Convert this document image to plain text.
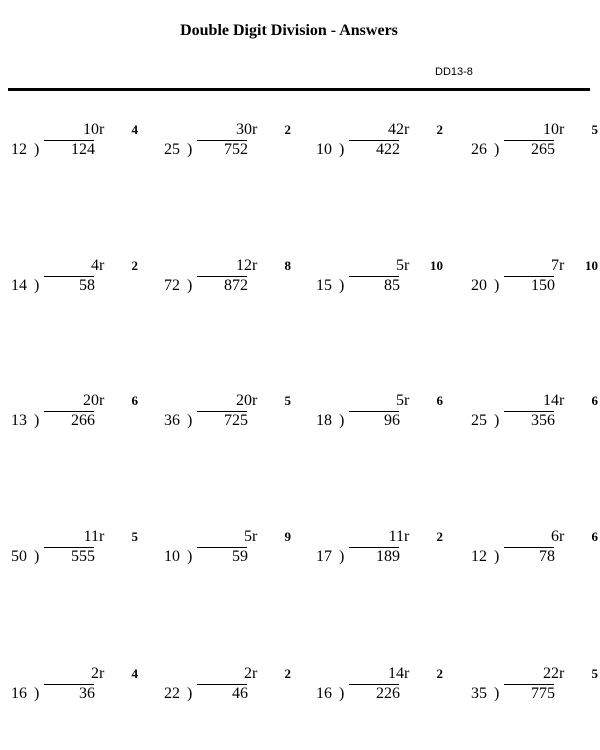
Double Digit Division - Answers
DD13-8
10 r	4
12 ) 124
30 r	2
25 ) 752
42 r	2
10 ) 422
10 r	5
26 ) 265
4 r	2
14 ) 58
12 r	8
72 ) 872
5 r	10
15 ) 85
7 r	10
20 ) 150
20 r	6
13 ) 266
20 r	5
36 ) 725
5 r	6
18 ) 96
14 r	6
25 ) 356
11 r	5
50 ) 555
5 r	9
10 ) 59
11 r	2
17 ) 189
6 r	6
12 ) 78
2 r	4
16 ) 36
2 r	2
22 ) 46
14 r	2
16 ) 226
22 r	5
35 ) 775
